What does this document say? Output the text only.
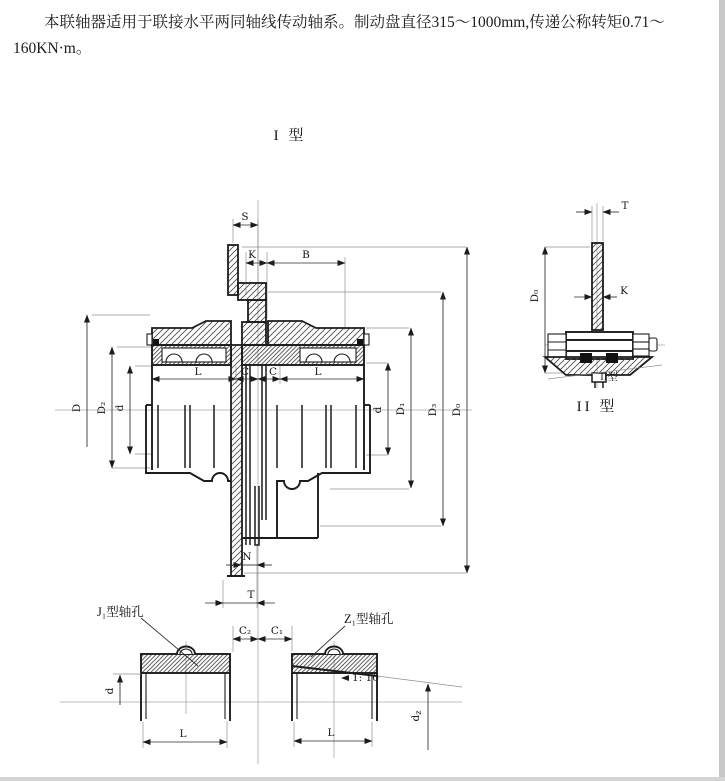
本联轴器适用于联接水平两同轴线传动轴系。制动盘直径315～1000mm,传递公称转矩0.71～
160KN·m。
I 型
S
K	B
L	C C	L
D D₂ d	d D₁ D₃ D₀
N
T
T
K
D₀
II型
II 型
d
L
J₁型轴孔
1: 10
L
dz
Z₁型轴孔
C₂ C₁
